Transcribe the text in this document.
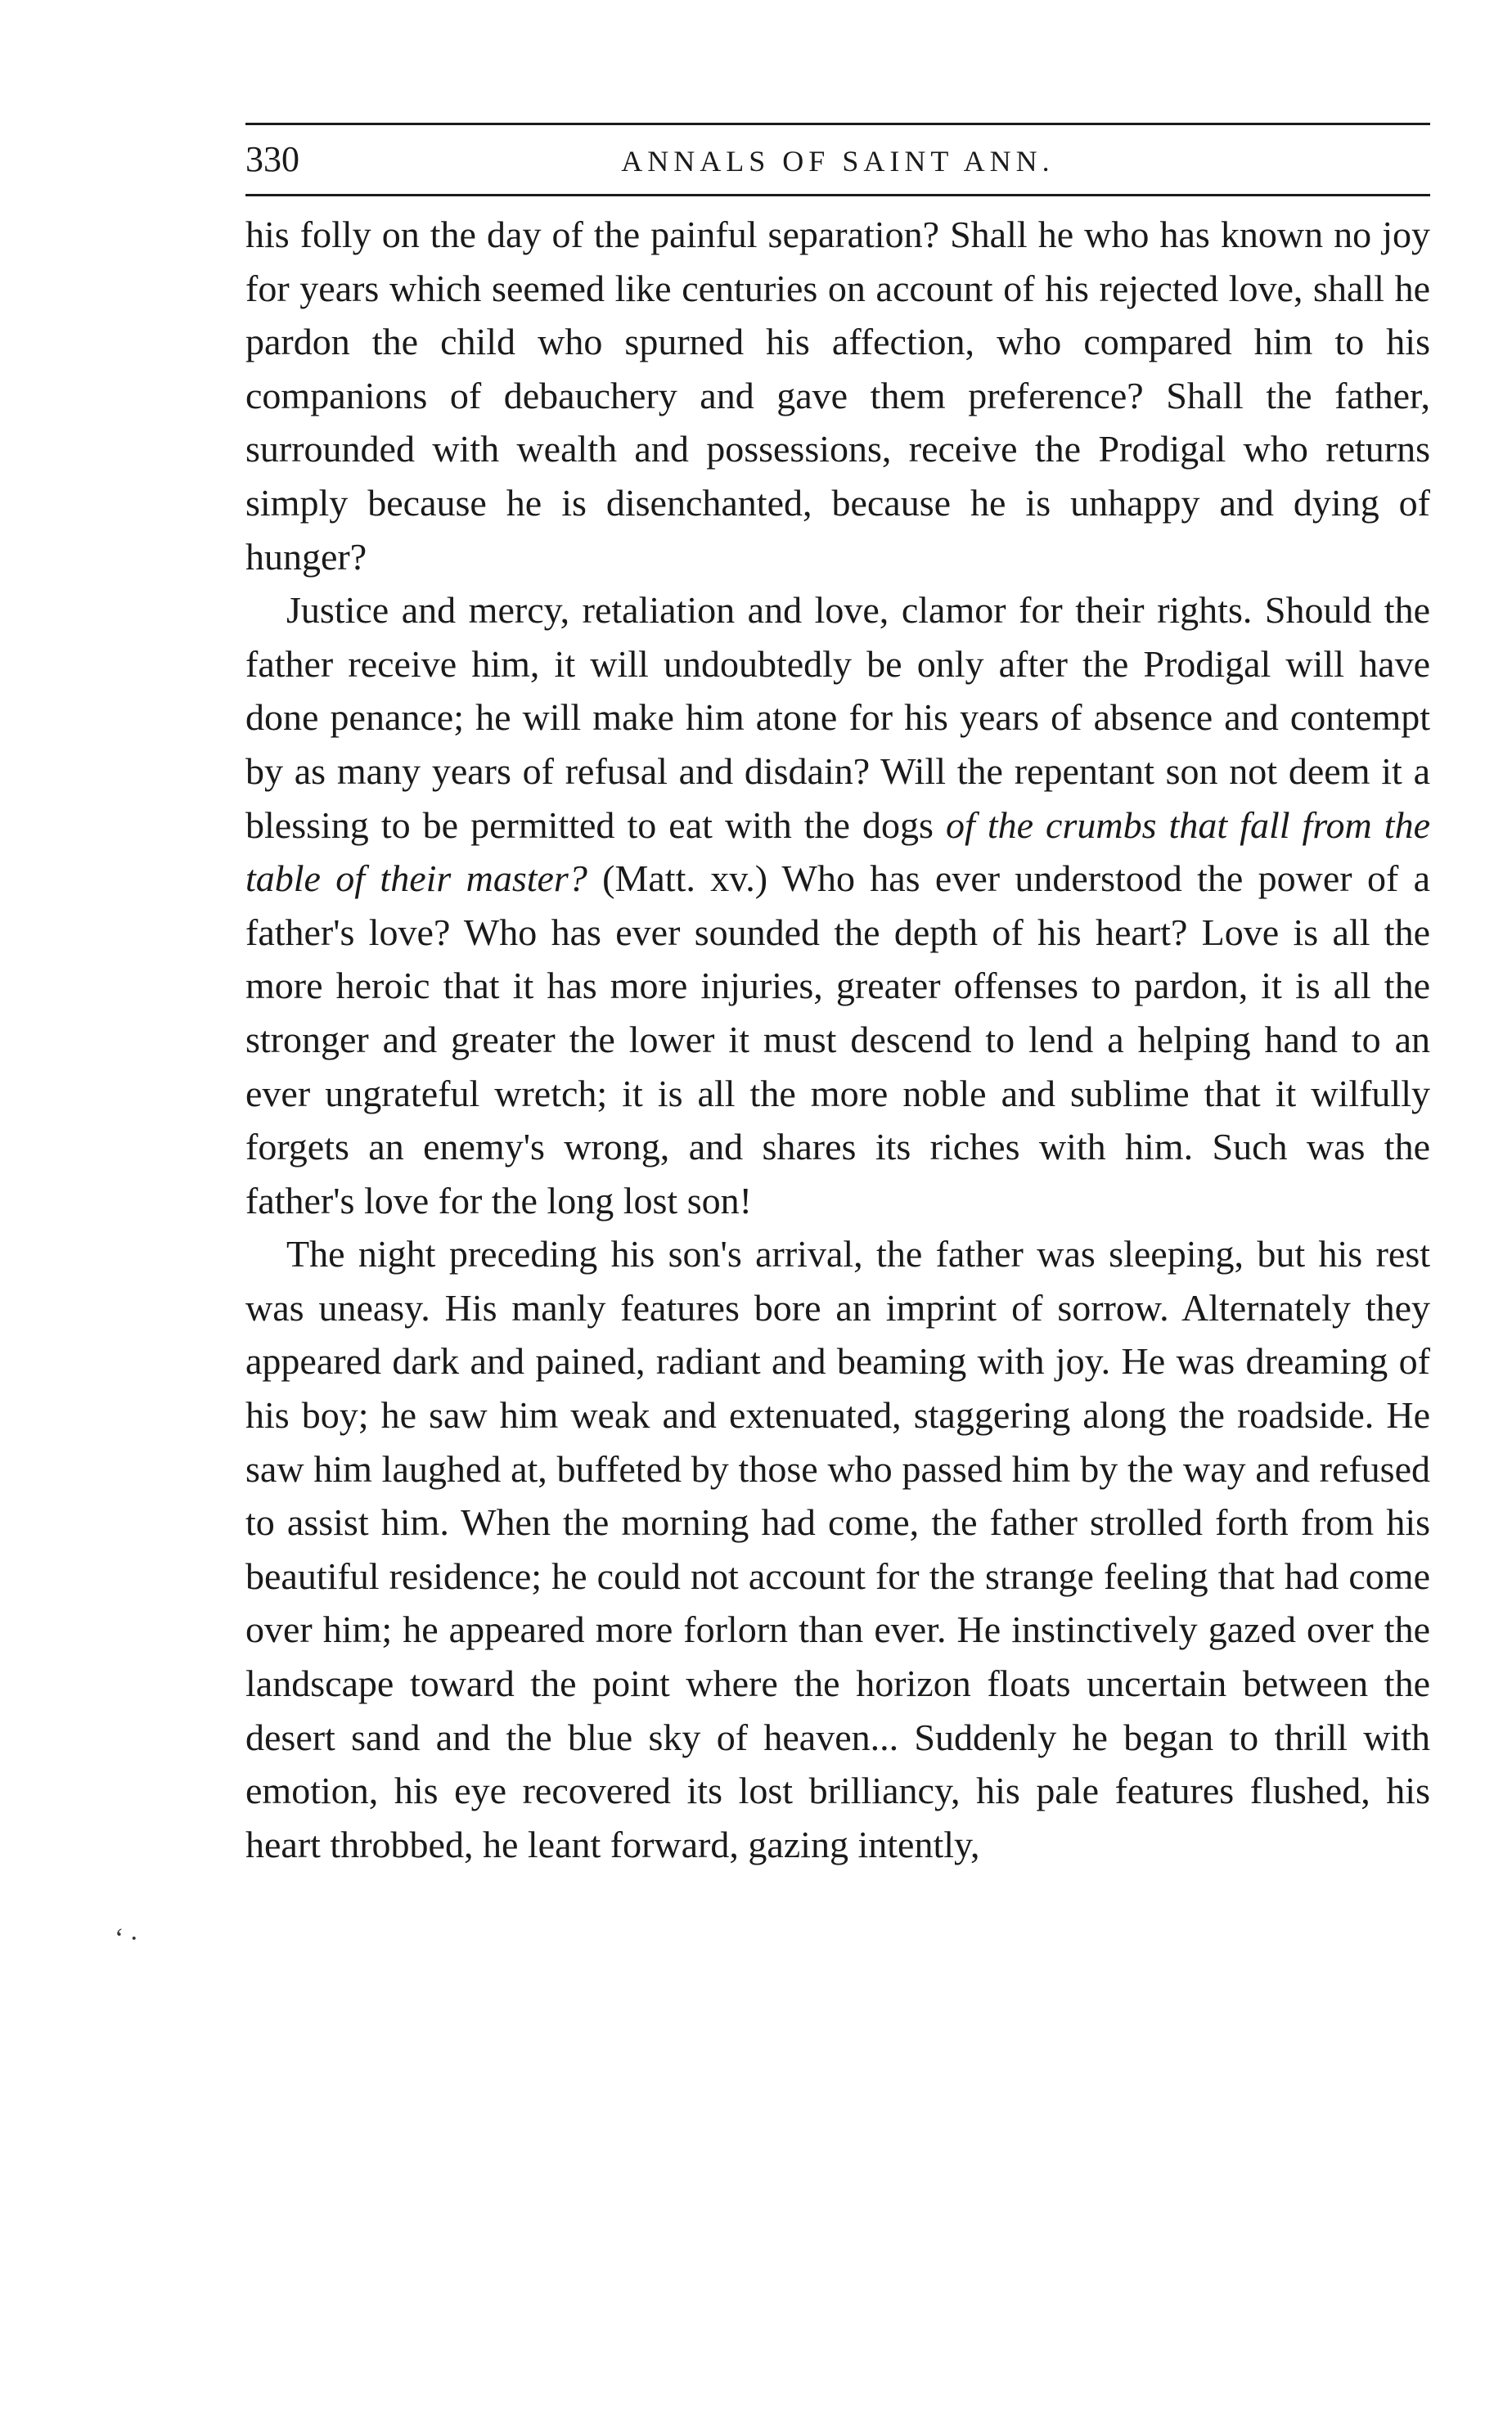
330	ANNALS OF SAINT ANN.

his folly on the day of the painful separation? Shall he who has known no joy for years which seemed like centuries on account of his rejected love, shall he pardon the child who spurned his affection, who compared him to his companions of debauchery and gave them preference? Shall the father, surrounded with wealth and possessions, receive the Prodigal who returns simply because he is disenchanted, because he is unhappy and dying of hunger?

Justice and mercy, retaliation and love, clamor for their rights. Should the father receive him, it will undoubtedly be only after the Prodigal will have done penance; he will make him atone for his years of absence and contempt by as many years of refusal and disdain? Will the repentant son not deem it a blessing to be permitted to eat with the dogs of the crumbs that fall from the table of their master? (Matt. xv.) Who has ever understood the power of a father's love? Who has ever sounded the depth of his heart? Love is all the more heroic that it has more injuries, greater offenses to pardon, it is all the stronger and greater the lower it must descend to lend a helping hand to an ever ungrateful wretch; it is all the more noble and sublime that it wilfully forgets an enemy's wrong, and shares its riches with him. Such was the father's love for the long lost son!

The night preceding his son's arrival, the father was sleeping, but his rest was uneasy. His manly features bore an imprint of sorrow. Alternately they appeared dark and pained, radiant and beaming with joy. He was dreaming of his boy; he saw him weak and extenuated, staggering along the roadside. He saw him laughed at, buffeted by those who passed him by the way and refused to assist him. When the morning had come, the father strolled forth from his beautiful residence; he could not account for the strange feeling that had come over him; he appeared more forlorn than ever. He instinctively gazed over the landscape toward the point where the horizon floats uncertain between the desert sand and the blue sky of heaven... Suddenly he began to thrill with emotion, his eye recovered its lost brilliancy, his pale features flushed, his heart throbbed, he leant forward, gazing intently,

‘ ·
